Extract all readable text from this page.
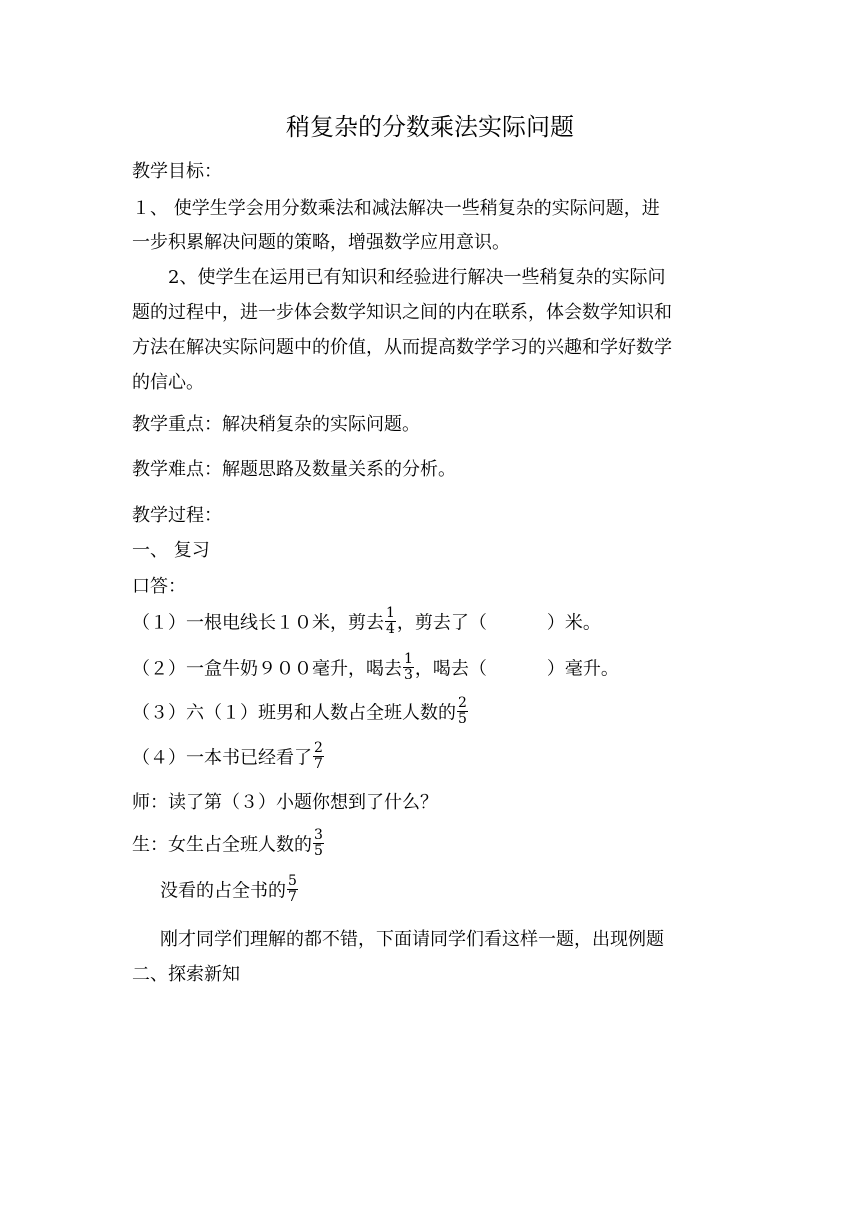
稍复杂的分数乘法实际问题
教学目标：
１、 使学生学会用分数乘法和减法解决一些稍复杂的实际问题，进
一步积累解决问题的策略，增强数学应用意识。
2、使学生在运用已有知识和经验进行解决一些稍复杂的实际问
题的过程中，进一步体会数学知识之间的内在联系，体会数学知识和
方法在解决实际问题中的价值，从而提高数学学习的兴趣和学好数学
的信心。
教学重点：解决稍复杂的实际问题。
教学难点：解题思路及数量关系的分析。
教学过程：
一、 复习
口答：
（１）一根电线长１０米，剪去 $\frac{1}{4}$ ，剪去了（	）米。
（２）一盒牛奶９００毫升，喝去 $\frac{1}{3}$ ，喝去（	）毫升。
（３）六（１）班男和人数占全班人数的 $\frac{2}{5}$
（４）一本书已经看了 $\frac{2}{7}$
师：读了第（３）小题你想到了什么？
生：女生占全班人数的 $\frac{3}{5}$
没看的占全书的 $\frac{5}{7}$
刚才同学们理解的都不错，下面请同学们看这样一题，出现例题
二、探索新知
